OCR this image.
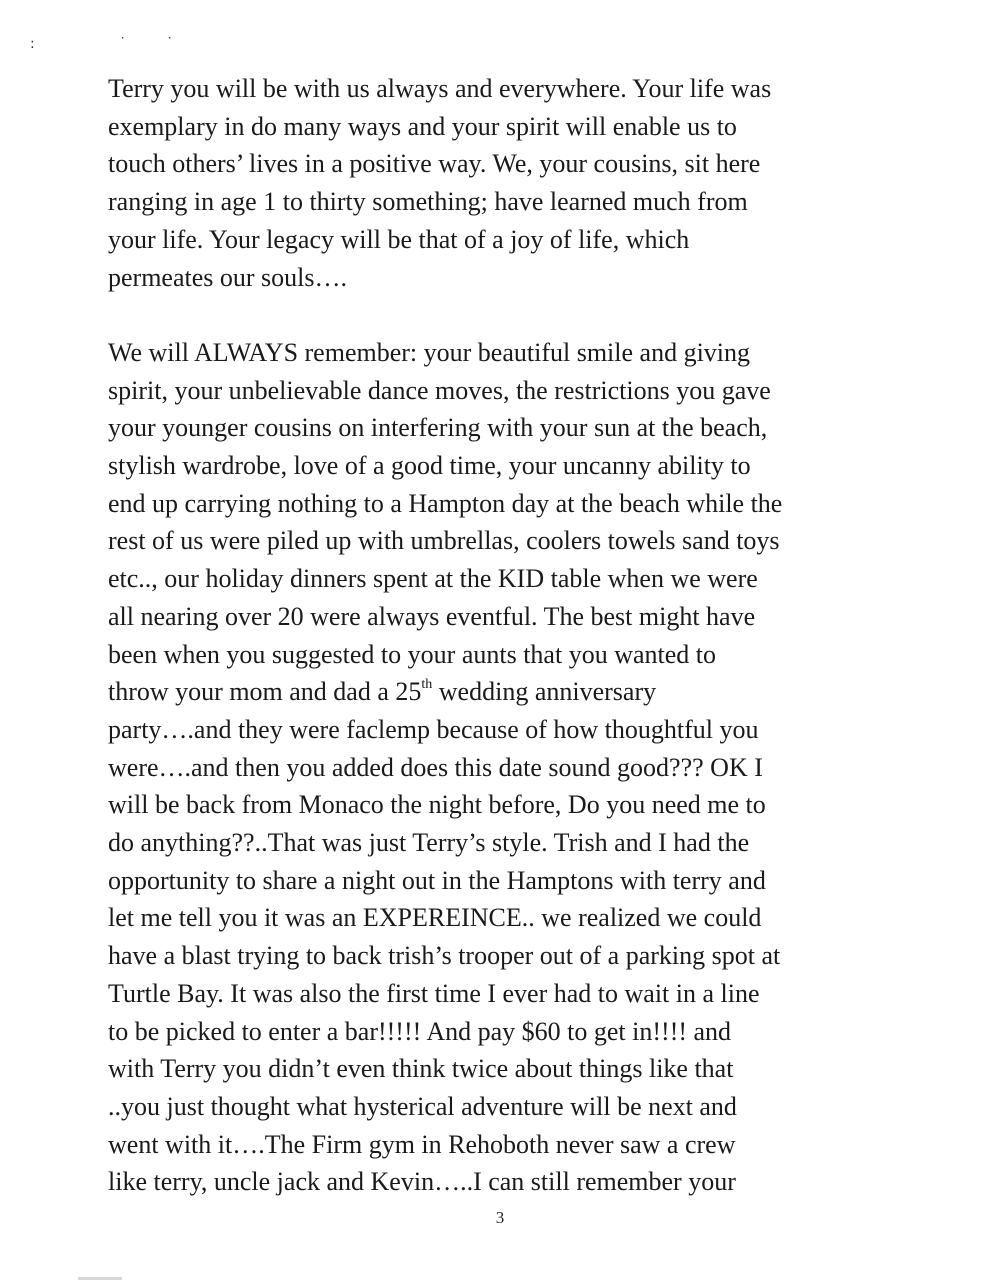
: ˙˙

Terry you will be with us always and everywhere. Your life was
exemplary in do many ways and your spirit will enable us to
touch others’ lives in a positive way. We, your cousins, sit here
ranging in age 1 to thirty something; have learned much from
your life. Your legacy will be that of a joy of life, which
permeates our souls….

We will ALWAYS remember: your beautiful smile and giving
spirit, your unbelievable dance moves, the restrictions you gave
your younger cousins on interfering with your sun at the beach,
stylish wardrobe, love of a good time, your uncanny ability to
end up carrying nothing to a Hampton day at the beach while the
rest of us were piled up with umbrellas, coolers towels sand toys
etc.., our holiday dinners spent at the KID table when we were
all nearing over 20 were always eventful. The best might have
been when you suggested to your aunts that you wanted to
throw your mom and dad a 25th wedding anniversary
party….and they were faclemp because of how thoughtful you
were….and then you added does this date sound good??? OK I
will be back from Monaco the night before, Do you need me to
do anything??..That was just Terry’s style. Trish and I had the
opportunity to share a night out in the Hamptons with terry and
let me tell you it was an EXPEREINCE.. we realized we could
have a blast trying to back trish’s trooper out of a parking spot at
Turtle Bay. It was also the first time I ever had to wait in a line
to be picked to enter a bar!!!!! And pay $60 to get in!!!! and
with Terry you didn’t even think twice about things like that
..you just thought what hysterical adventure will be next and
went with it….The Firm gym in Rehoboth never saw a crew
like terry, uncle jack and Kevin…..I can still remember your

3
